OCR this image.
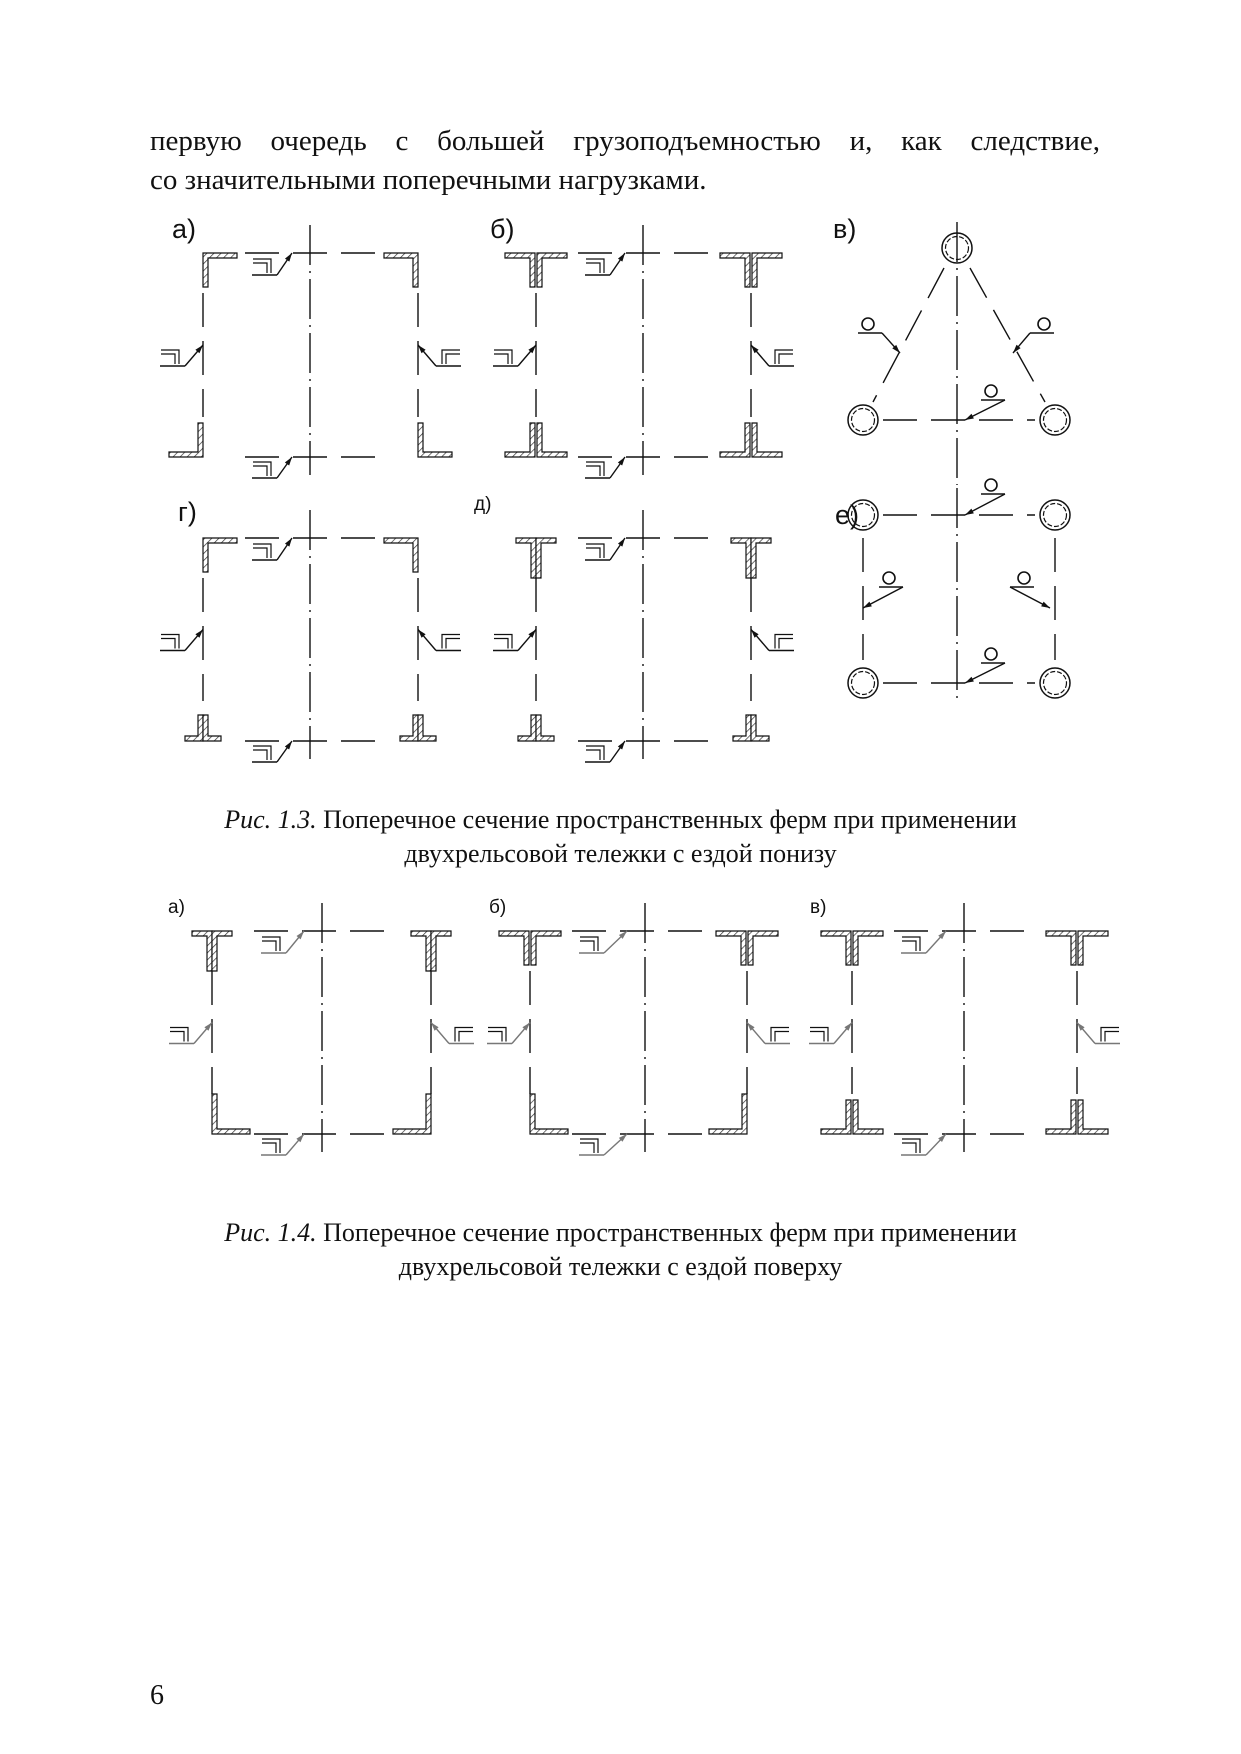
первую очередь с большей грузоподъемностью и, как следствие,
со значительными поперечными нагрузками.
а)	б)	в)
г)	д)	е)
Рис. 1.3. Поперечное сечение пространственных ферм при применении
двухрельсовой тележки с ездой понизу
а)	б)	в)
Рис. 1.4. Поперечное сечение пространственных ферм при применении
двухрельсовой тележки с ездой поверху
6
